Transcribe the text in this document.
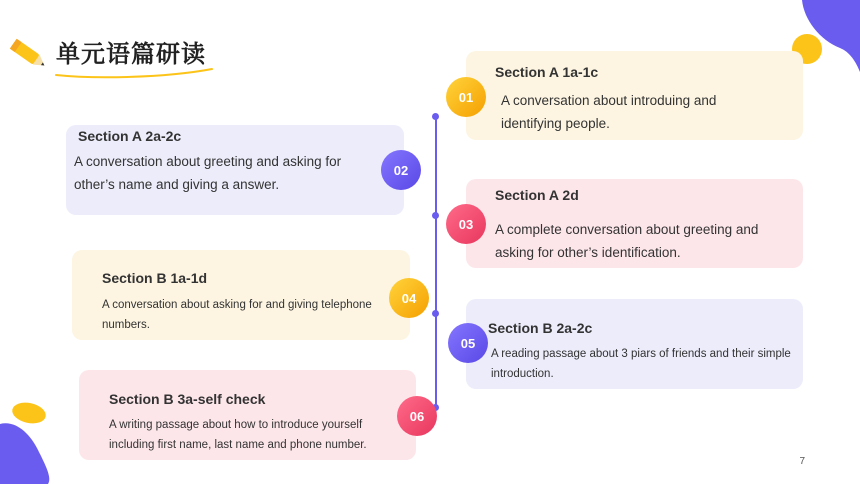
单元语篇研读
Section A 1a-1c
A conversation about introduing and identifying people.
01
Section A 2a-2c
A conversation about greeting and asking for other’s name and giving a answer.
02
Section A 2d
A complete conversation about greeting and asking for other’s identification.
03
Section B 1a-1d
A conversation about asking for and giving telephone numbers.
04
Section B 2a-2c
A reading passage about 3 piars of friends and their simple introduction.
05
Section B 3a-self check
A writing passage about how to introduce yourself including first name, last name and phone number.
06
7
